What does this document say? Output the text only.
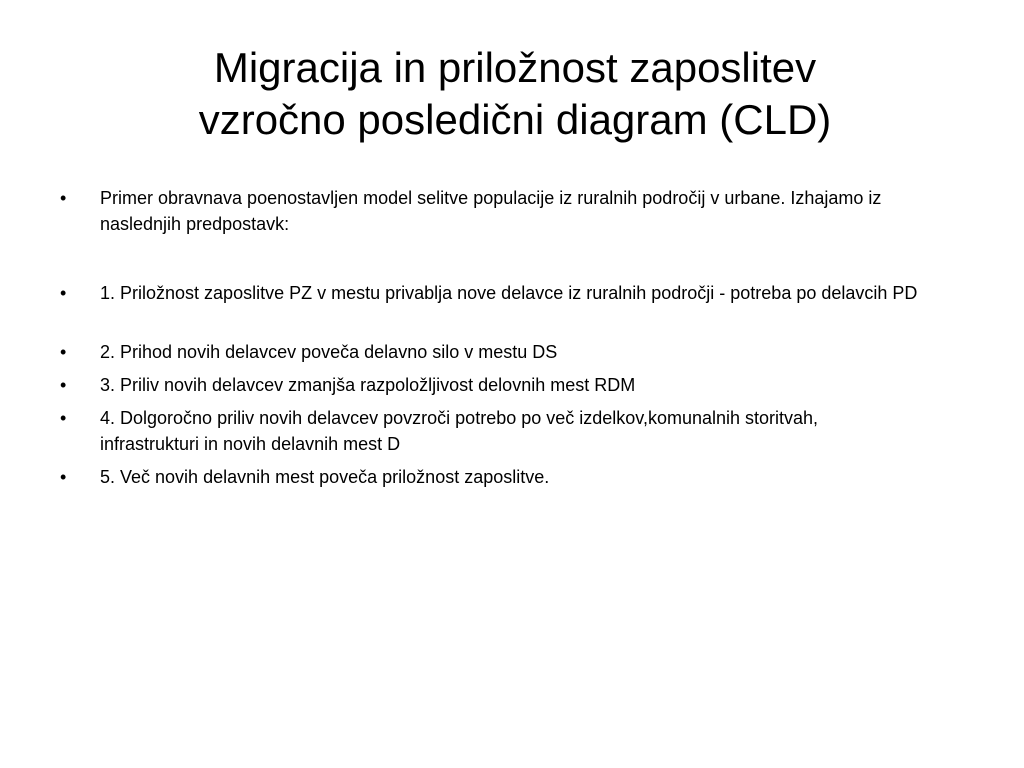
Migracija in priložnost zaposlitev
vzročno posledični diagram (CLD)
•	Primer obravnava poenostavljen model selitve populacije iz ruralnih področij v urbane. Izhajamo iz naslednjih predpostavk:
•	1. Priložnost zaposlitve PZ v mestu privablja nove delavce iz ruralnih področji - potreba po delavcih PD
•	2. Prihod novih delavcev poveča delavno silo v mestu DS
•	3. Priliv novih delavcev zmanjša razpoložljivost delovnih mest RDM
•	4. Dolgoročno priliv novih delavcev povzroči potrebo po več izdelkov,komunalnih storitvah, infrastrukturi in novih delavnih mest D
•	5. Več novih delavnih mest poveča priložnost zaposlitve.
